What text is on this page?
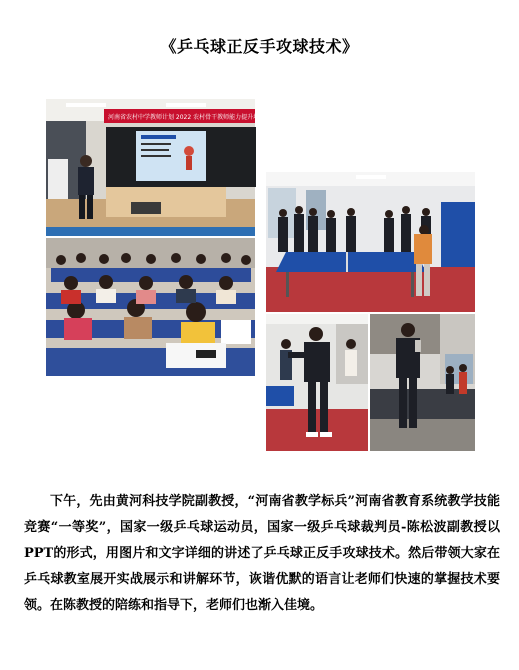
《乒乓球正反手攻球技术》
河南省农村中学教师计划 2022 农村骨干教师能力提升培训项目
下午，先由黄河科技学院副教授，“河南省教学标兵”河南省教育系统教学技能竞赛“一等奖”，国家一级乒乓球运动员，国家一级乒乓球裁判员-陈松波副教授以PPT的形式，用图片和文字详细的讲述了乒乓球正反手攻球技术。然后带领大家在乒乓球教室展开实战展示和讲解环节，诙谐优默的语言让老师们快速的掌握技术要领。在陈教授的陪练和指导下，老师们也渐入佳境。
